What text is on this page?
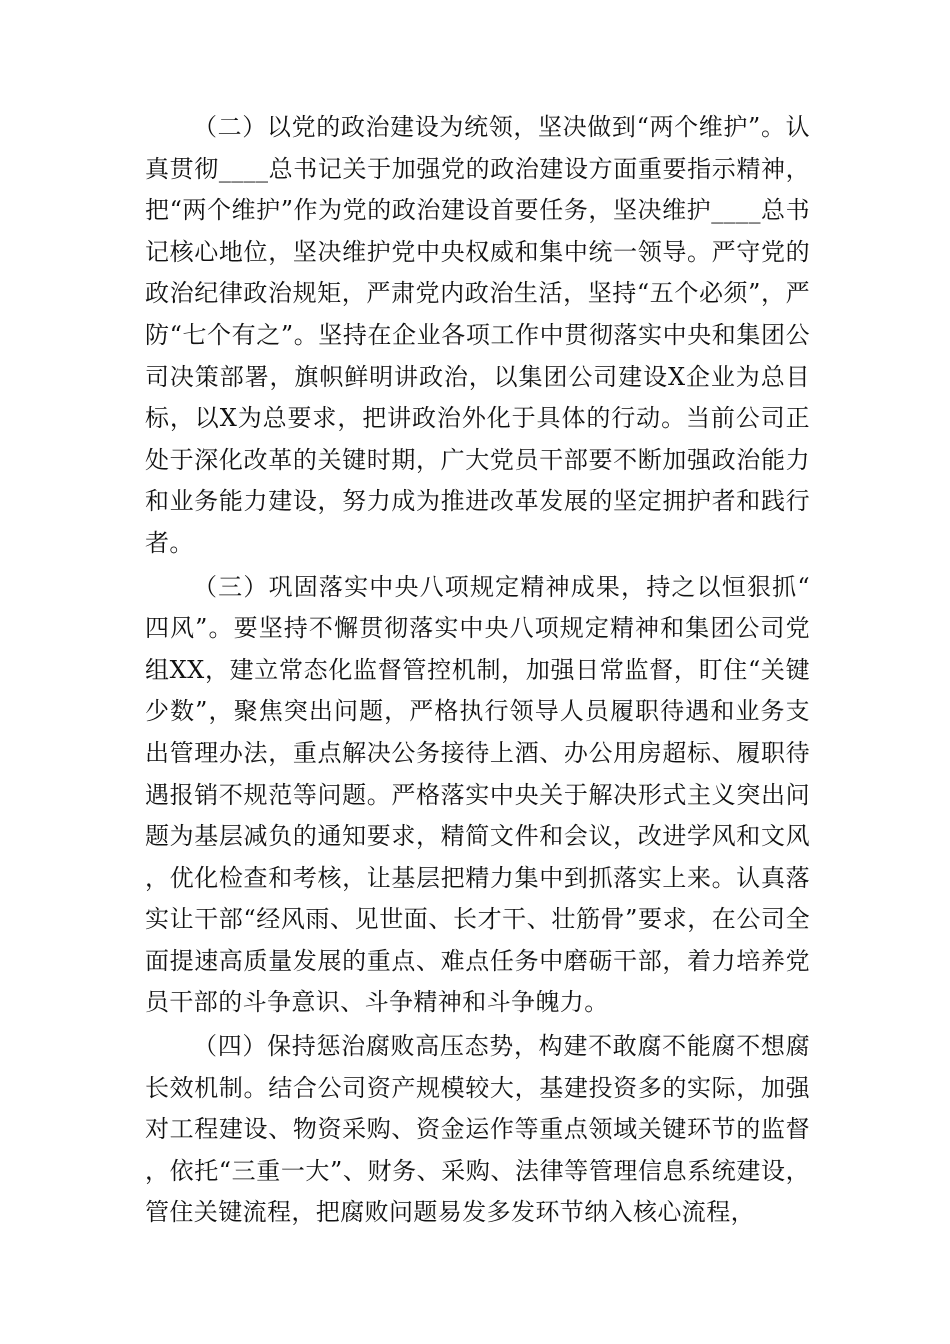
（二）以党的政治建设为统领，坚决做到“两个维护”。认真贯彻____总书记关于加强党的政治建设方面重要指示精神，把“两个维护”作为党的政治建设首要任务，坚决维护____总书记核心地位，坚决维护党中央权威和集中统一领导。严守党的政治纪律政治规矩，严肃党内政治生活，坚持“五个必须”，严防“七个有之”。坚持在企业各项工作中贯彻落实中央和集团公司决策部署，旗帜鲜明讲政治，以集团公司建设X企业为总目标，以X为总要求，把讲政治外化于具体的行动。当前公司正处于深化改革的关键时期，广大党员干部要不断加强政治能力和业务能力建设，努力成为推进改革发展的坚定拥护者和践行者。

（三）巩固落实中央八项规定精神成果，持之以恒狠抓“四风”。要坚持不懈贯彻落实中央八项规定精神和集团公司党组XX，建立常态化监督管控机制，加强日常监督，盯住“关键少数”，聚焦突出问题，严格执行领导人员履职待遇和业务支出管理办法，重点解决公务接待上酒、办公用房超标、履职待遇报销不规范等问题。严格落实中央关于解决形式主义突出问题为基层减负的通知要求，精简文件和会议，改进学风和文风，优化检查和考核，让基层把精力集中到抓落实上来。认真落实让干部“经风雨、见世面、长才干、壮筋骨”要求，在公司全面提速高质量发展的重点、难点任务中磨砺干部，着力培养党员干部的斗争意识、斗争精神和斗争魄力。

（四）保持惩治腐败高压态势，构建不敢腐不能腐不想腐长效机制。结合公司资产规模较大，基建投资多的实际，加强对工程建设、物资采购、资金运作等重点领域关键环节的监督，依托“三重一大”、财务、采购、法律等管理信息系统建设，管住关键流程，把腐败问题易发多发环节纳入核心流程，
